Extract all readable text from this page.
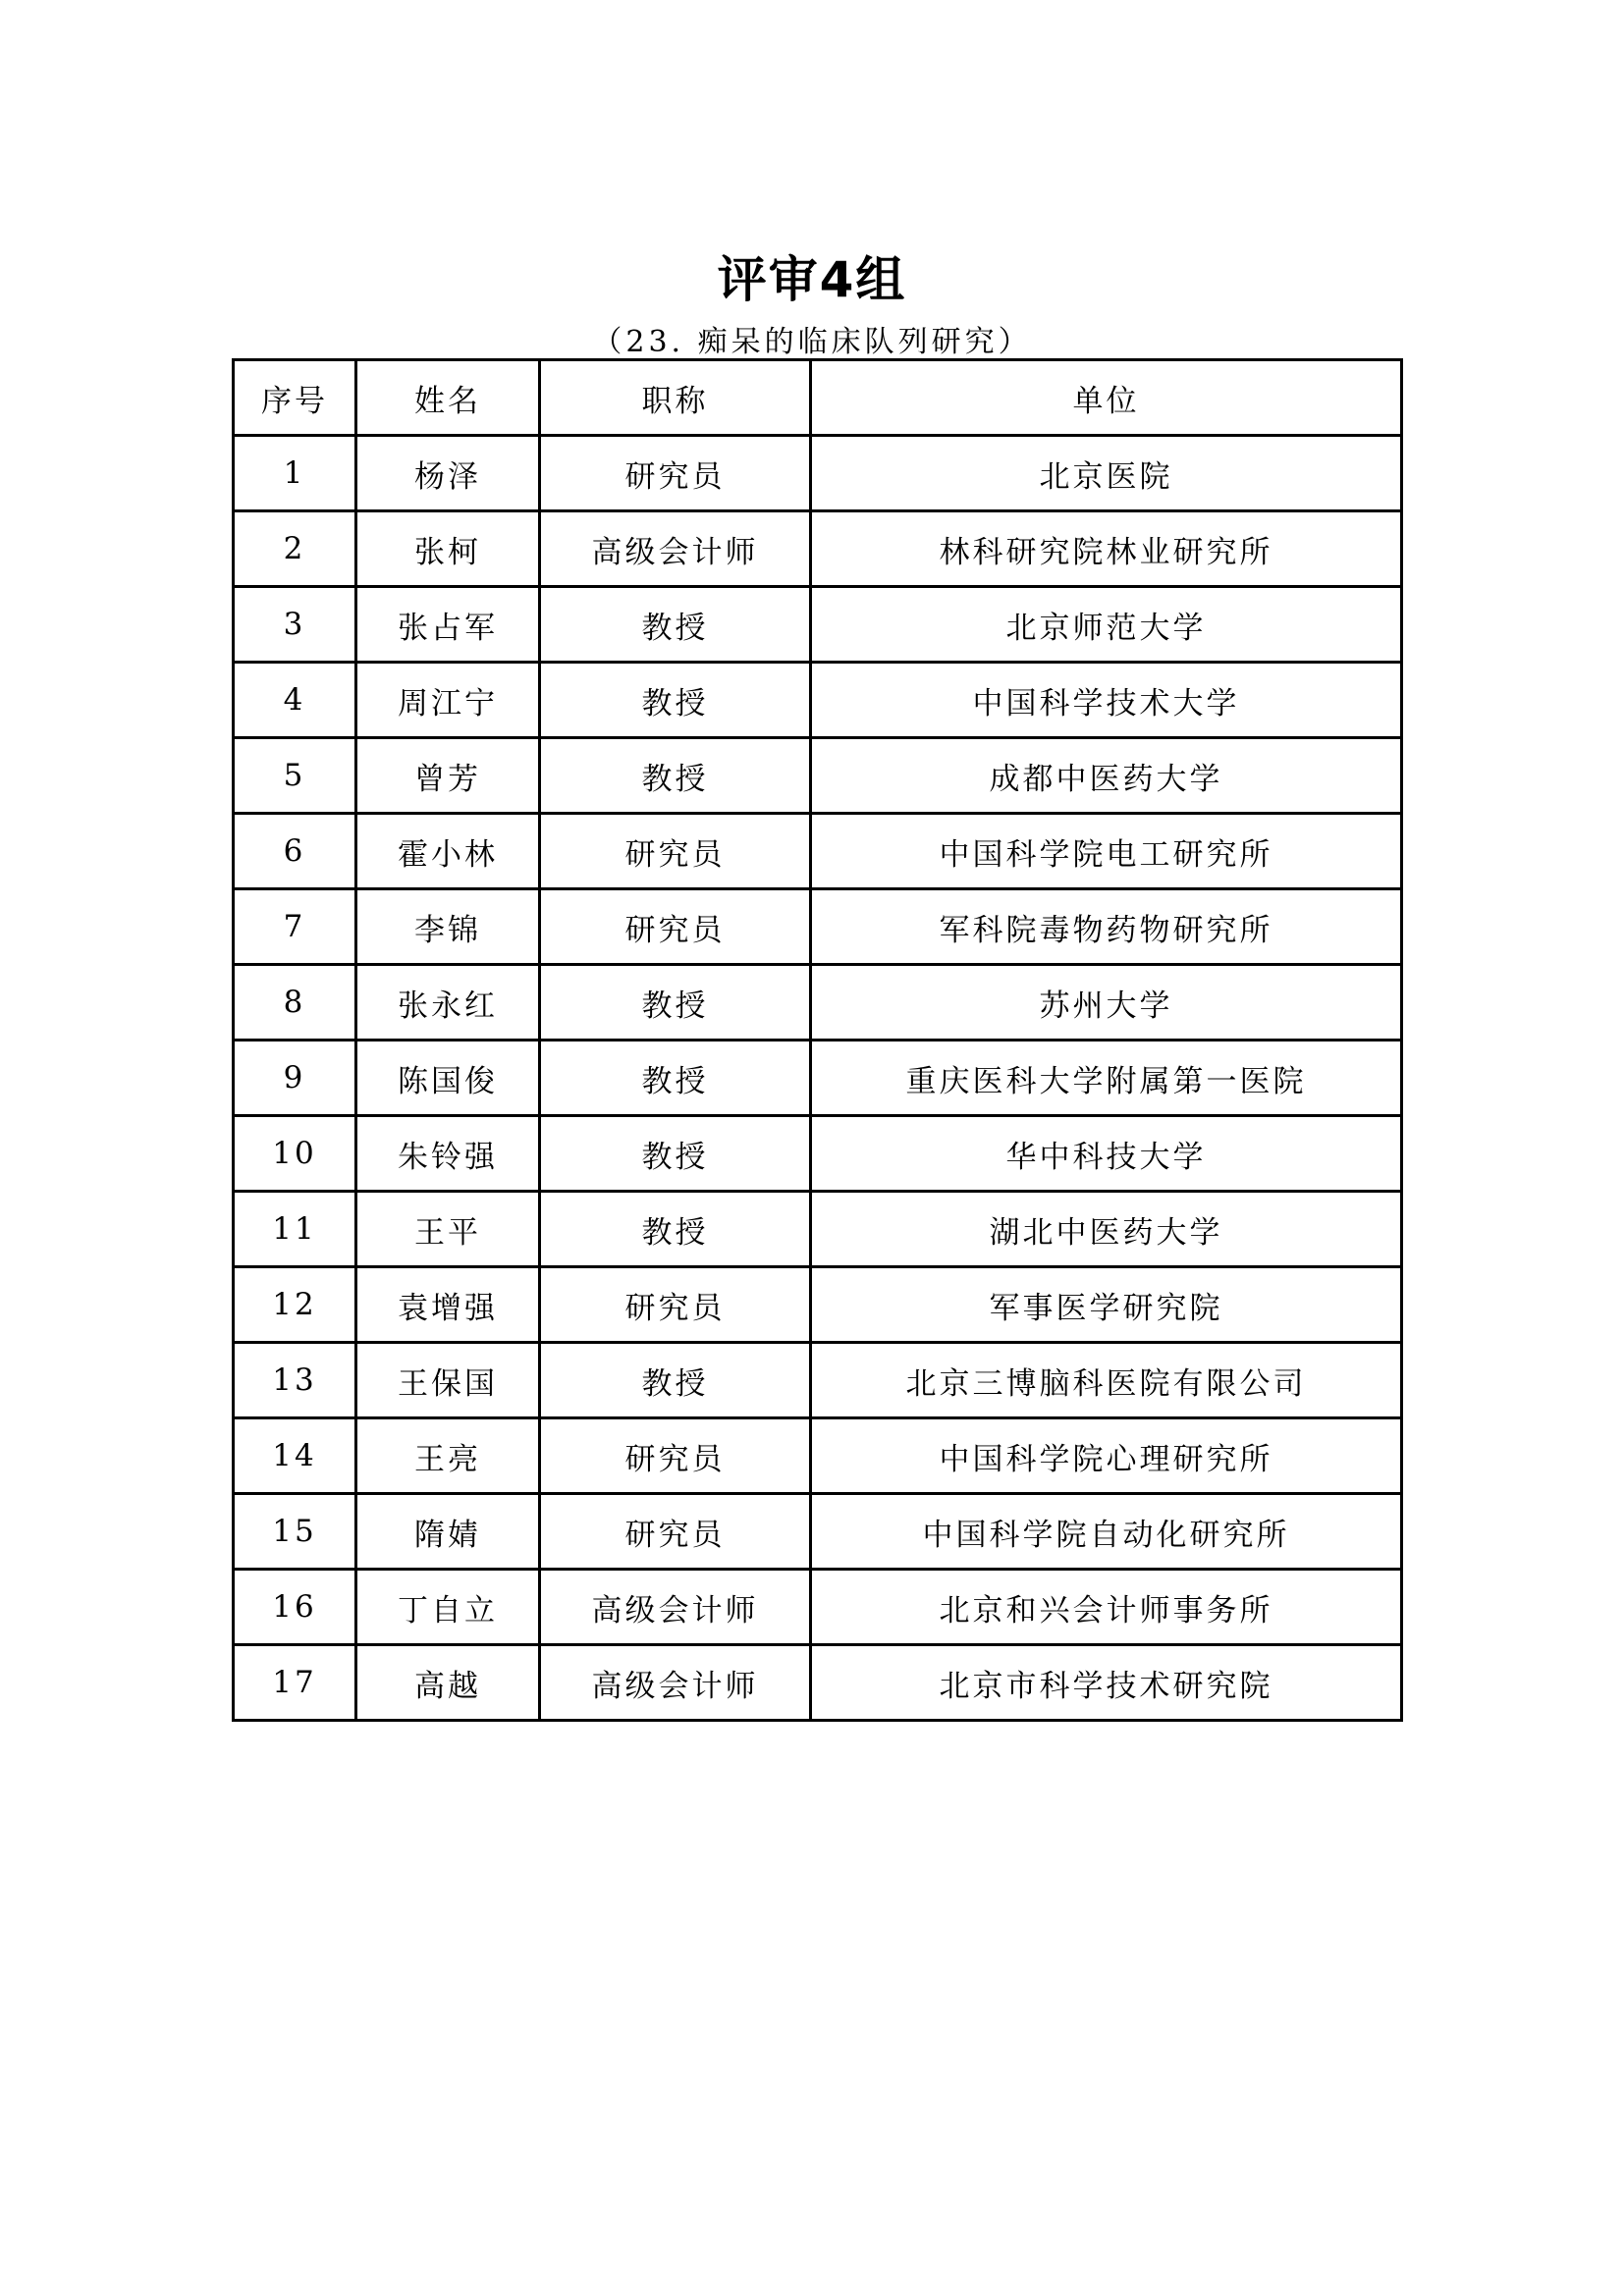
评审4组
（23. 痴呆的临床队列研究）
序号	姓名	职称	单位
1	杨泽	研究员	北京医院
2	张柯	高级会计师	林科研究院林业研究所
3	张占军	教授	北京师范大学
4	周江宁	教授	中国科学技术大学
5	曾芳	教授	成都中医药大学
6	霍小林	研究员	中国科学院电工研究所
7	李锦	研究员	军科院毒物药物研究所
8	张永红	教授	苏州大学
9	陈国俊	教授	重庆医科大学附属第一医院
10	朱铃强	教授	华中科技大学
11	王平	教授	湖北中医药大学
12	袁增强	研究员	军事医学研究院
13	王保国	教授	北京三博脑科医院有限公司
14	王亮	研究员	中国科学院心理研究所
15	隋婧	研究员	中国科学院自动化研究所
16	丁自立	高级会计师	北京和兴会计师事务所
17	高越	高级会计师	北京市科学技术研究院
